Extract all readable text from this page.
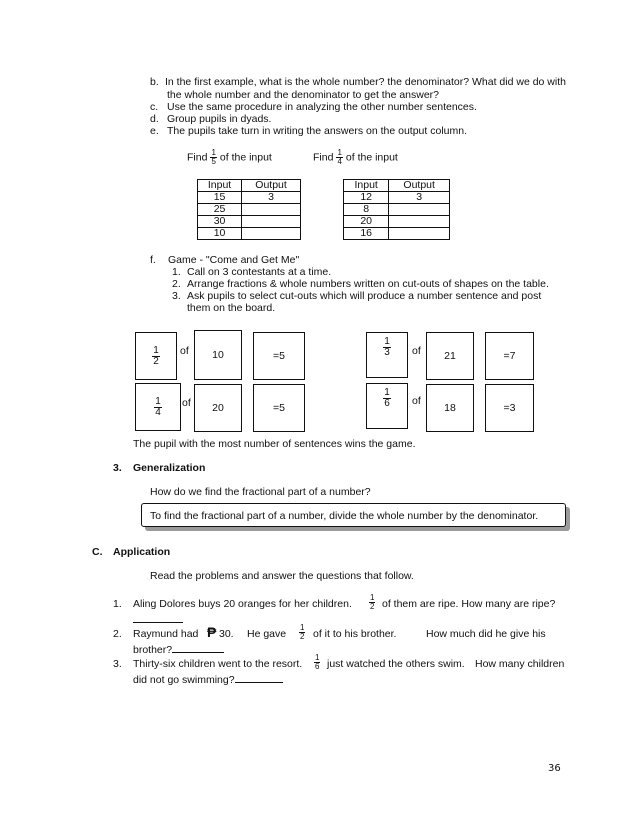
b. In the first example, what is the whole number? the denominator? What did we do with
the whole number and the denominator to get the answer?
c. Use the same procedure in analyzing the other number sentences.
d. Group pupils in dyads.
e. The pupils take turn in writing the answers on the output column.
Find $\frac{1}{5}$ of the input	Find $\frac{1}{4}$ of the input
Input	Output
15	3
25	
30	
10	
Input	Output
12	3
8	
20	
16	
f. Game - "Come and Get Me"
1. Call on 3 contestants at a time.
2. Arrange fractions & whole numbers written on cut-outs of shapes on the table.
3. Ask pupils to select cut-outs which will produce a number sentence and post
them on the board.
$\frac{1}{2}$ of	10	=5
$\frac{1}{4}$ of	20	=5
$\frac{1}{3}$ of	21	=7
$\frac{1}{6}$ of
18	=3
The pupil with the most number of sentences wins the game.
3. Generalization
How do we find the fractional part of a number?
To find the fractional part of a number, divide the whole number by the denominator.
C. Application
Read the problems and answer the questions that follow.
1. Aling Dolores buys 20 oranges for her children. $\frac{1}{2}$ of them are ripe. How many are ripe?
2. Raymund had ₱ 30. He gave $\frac{1}{2}$ of it to his brother.	How much did he give his
brother?
3. Thirty-six children went to the resort. $\frac{1}{6}$ just watched the others swim. How many children
did not go swimming?
36
